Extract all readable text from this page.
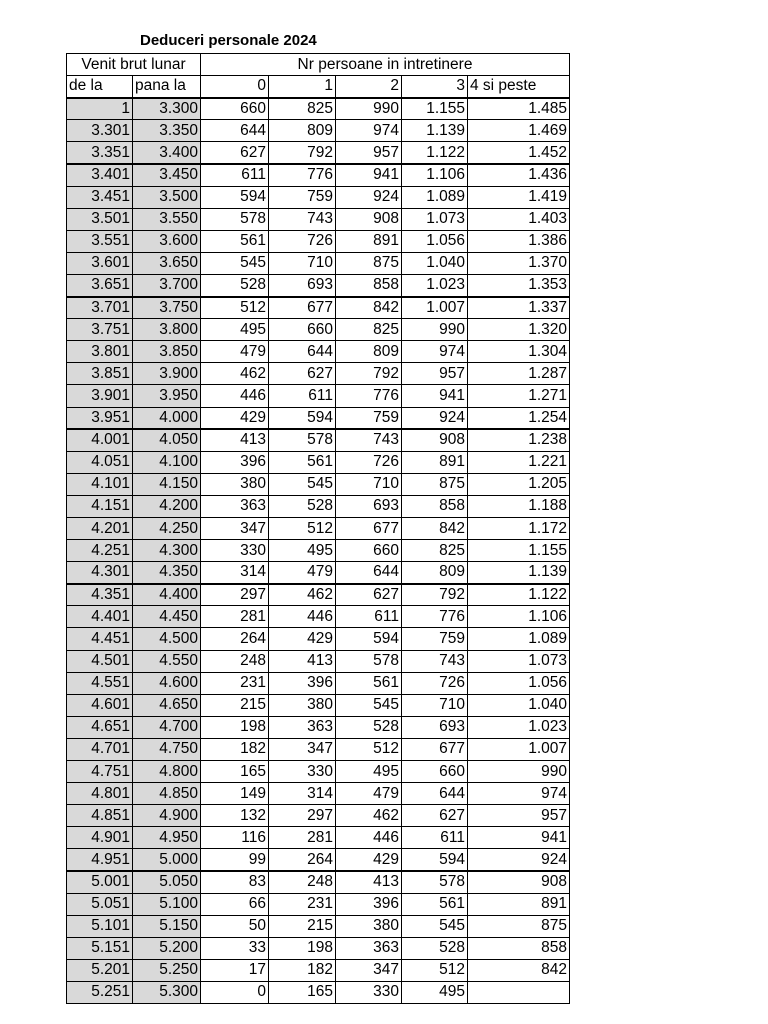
Deduceri personale 2024
Venit brut lunar		Nr persoane in intretinere				
de la	pana la	0	1	2	3	4 si peste
1	3.300	660	825	990	1.155	1.485
3.301	3.350	644	809	974	1.139	1.469
3.351	3.400	627	792	957	1.122	1.452
3.401	3.450	611	776	941	1.106	1.436
3.451	3.500	594	759	924	1.089	1.419
3.501	3.550	578	743	908	1.073	1.403
3.551	3.600	561	726	891	1.056	1.386
3.601	3.650	545	710	875	1.040	1.370
3.651	3.700	528	693	858	1.023	1.353
3.701	3.750	512	677	842	1.007	1.337
3.751	3.800	495	660	825	990	1.320
3.801	3.850	479	644	809	974	1.304
3.851	3.900	462	627	792	957	1.287
3.901	3.950	446	611	776	941	1.271
3.951	4.000	429	594	759	924	1.254
4.001	4.050	413	578	743	908	1.238
4.051	4.100	396	561	726	891	1.221
4.101	4.150	380	545	710	875	1.205
4.151	4.200	363	528	693	858	1.188
4.201	4.250	347	512	677	842	1.172
4.251	4.300	330	495	660	825	1.155
4.301	4.350	314	479	644	809	1.139
4.351	4.400	297	462	627	792	1.122
4.401	4.450	281	446	611	776	1.106
4.451	4.500	264	429	594	759	1.089
4.501	4.550	248	413	578	743	1.073
4.551	4.600	231	396	561	726	1.056
4.601	4.650	215	380	545	710	1.040
4.651	4.700	198	363	528	693	1.023
4.701	4.750	182	347	512	677	1.007
4.751	4.800	165	330	495	660	990
4.801	4.850	149	314	479	644	974
4.851	4.900	132	297	462	627	957
4.901	4.950	116	281	446	611	941
4.951	5.000	99	264	429	594	924
5.001	5.050	83	248	413	578	908
5.051	5.100	66	231	396	561	891
5.101	5.150	50	215	380	545	875
5.151	5.200	33	198	363	528	858
5.201	5.250	17	182	347	512	842
5.251	5.300	0	165	330	495	
